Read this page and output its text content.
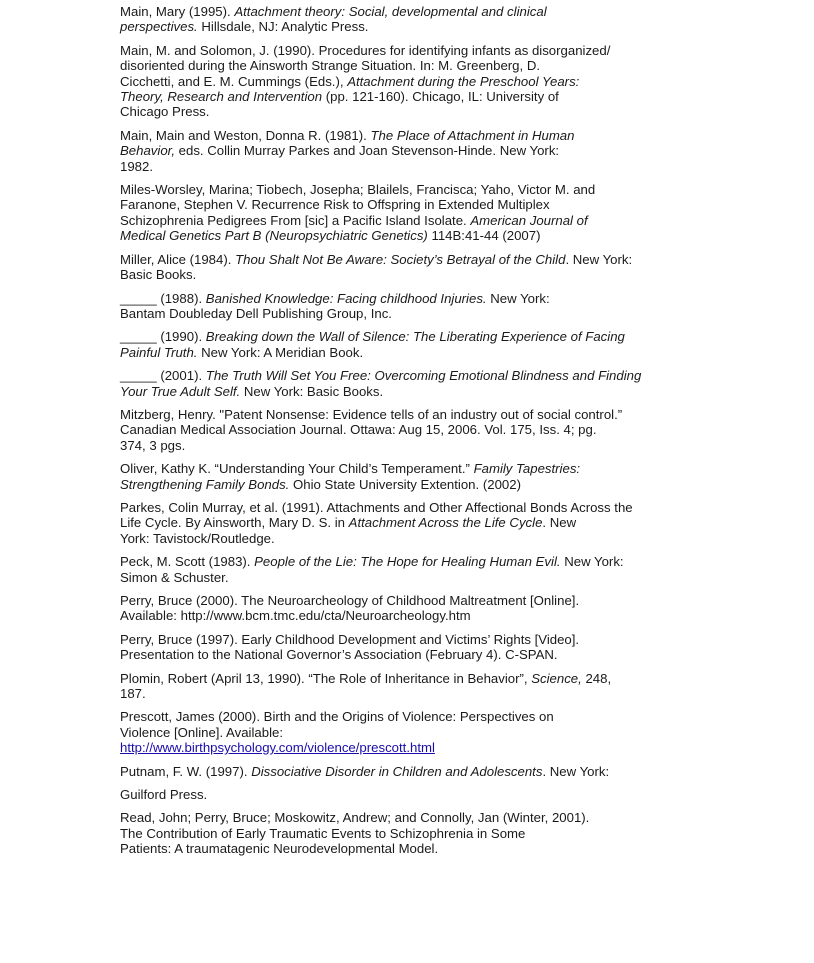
Main, Mary (1995). Attachment theory: Social, developmental and clinical
perspectives. Hillsdale, NJ: Analytic Press.

Main, M. and Solomon, J. (1990). Procedures for identifying infants as disorganized/
disoriented during the Ainsworth Strange Situation. In: M. Greenberg, D.
Cicchetti, and E. M. Cummings (Eds.), Attachment during the Preschool Years:
Theory, Research and Intervention (pp. 121-160). Chicago, IL: University of
Chicago Press.

Main, Main and Weston, Donna R. (1981). The Place of Attachment in Human
Behavior, eds. Collin Murray Parkes and Joan Stevenson-Hinde. New York:
1982.

Miles-Worsley, Marina; Tiobech, Josepha; Blailels, Francisca; Yaho, Victor M. and
Faranone, Stephen V. Recurrence Risk to Offspring in Extended Multiplex
Schizophrenia Pedigrees From [sic] a Pacific Island Isolate. American Journal of
Medical Genetics Part B (Neuropsychiatric Genetics) 114B:41-44 (2007)

Miller, Alice (1984). Thou Shalt Not Be Aware: Society’s Betrayal of the Child. New York:
Basic Books.

_____ (1988). Banished Knowledge: Facing childhood Injuries. New York:
Bantam Doubleday Dell Publishing Group, Inc.

_____ (1990). Breaking down the Wall of Silence: The Liberating Experience of Facing
Painful Truth. New York: A Meridian Book.

_____ (2001). The Truth Will Set You Free: Overcoming Emotional Blindness and Finding
Your True Adult Self. New York: Basic Books.

Mitzberg, Henry. "Patent Nonsense: Evidence tells of an industry out of social control.”
Canadian Medical Association Journal. Ottawa: Aug 15, 2006. Vol. 175, Iss. 4; pg.
374, 3 pgs.

Oliver, Kathy K. “Understanding Your Child’s Temperament.” Family Tapestries:
Strengthening Family Bonds. Ohio State University Extention. (2002)

Parkes, Colin Murray, et al. (1991). Attachments and Other Affectional Bonds Across the
Life Cycle. By Ainsworth, Mary D. S. in Attachment Across the Life Cycle. New
York: Tavistock/Routledge.

Peck, M. Scott (1983). People of the Lie: The Hope for Healing Human Evil. New York:
Simon & Schuster.

Perry, Bruce (2000). The Neuroarcheology of Childhood Maltreatment [Online].
Available: http://www.bcm.tmc.edu/cta/Neuroarcheology.htm

Perry, Bruce (1997). Early Childhood Development and Victims’ Rights [Video].
Presentation to the National Governor’s Association (February 4). C-SPAN.

Plomin, Robert (April 13, 1990). “The Role of Inheritance in Behavior”, Science, 248,
187.

Prescott, James (2000). Birth and the Origins of Violence: Perspectives on
Violence [Online]. Available:
http://www.birthpsychology.com/violence/prescott.html

Putnam, F. W. (1997). Dissociative Disorder in Children and Adolescents. New York:
Guilford Press.

Read, John; Perry, Bruce; Moskowitz, Andrew; and Connolly, Jan (Winter, 2001).
The Contribution of Early Traumatic Events to Schizophrenia in Some
Patients: A traumatagenic Neurodevelopmental Model.
